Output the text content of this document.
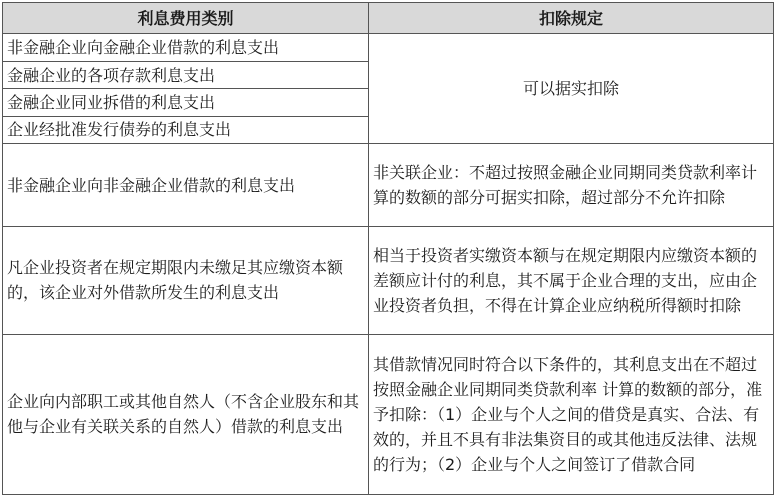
利息费用类别	扣除规定
非金融企业向金融企业借款的利息支出	可以据实扣除
金融企业的各项存款利息支出	
金融企业同业拆借的利息支出	
企业经批准发行债券的利息支出	
非金融企业向非金融企业借款的利息支出	非关联企业：不超过按照金融企业同期同类贷款利率计算的数额的部分可据实扣除，超过部分不允许扣除
凡企业投资者在规定期限内未缴足其应缴资本额的，该企业对外借款所发生的利息支出	相当于投资者实缴资本额与在规定期限内应缴资本额的差额应计付的利息，其不属于企业合理的支出，应由企业投资者负担，不得在计算企业应纳税所得额时扣除
企业向内部职工或其他自然人（不含企业股东和其他与企业有关联关系的自然人）借款的利息支出	其借款情况同时符合以下条件的，其利息支出在不超过按照金融企业同期同类贷款利率 计算的数额的部分，准予扣除：（1）企业与个人之间的借贷是真实、合法、有效的，并且不具有非法集资目的或其他违反法律、法规的行为；（2）企业与个人之间签订了借款合同
